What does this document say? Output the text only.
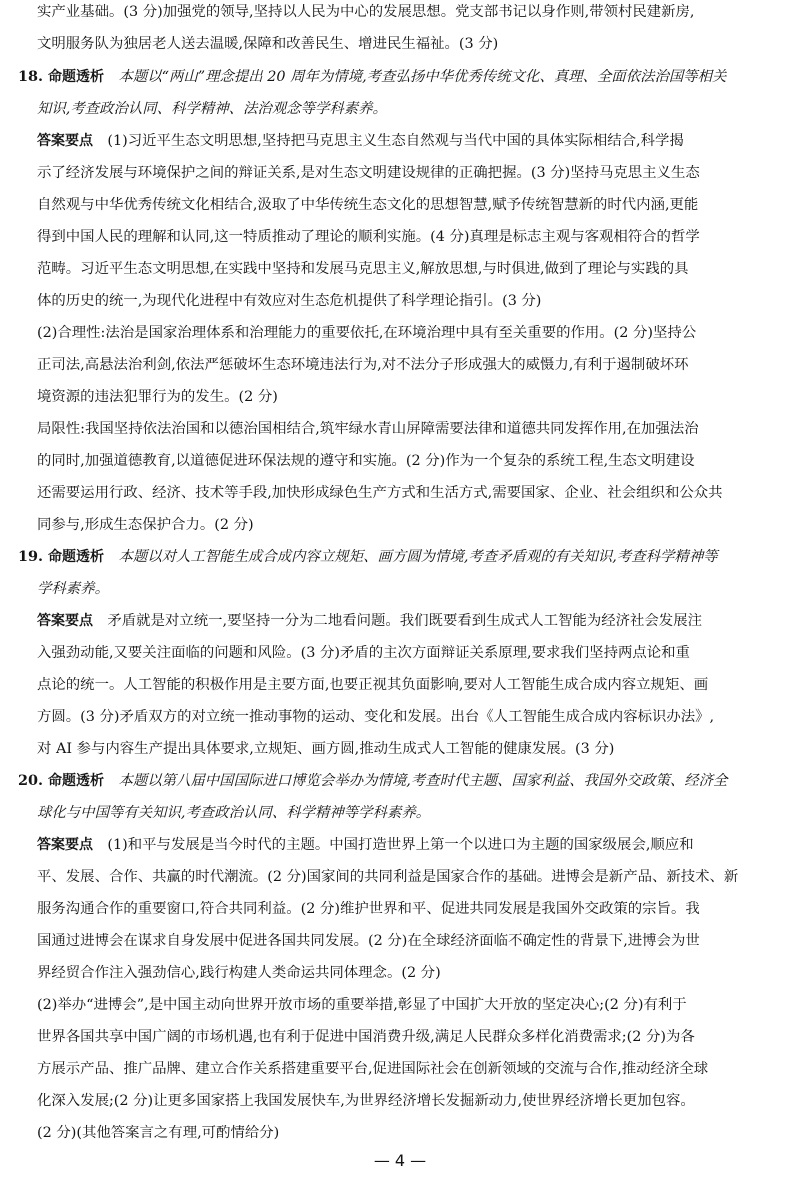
实产业基础。(3 分)加强党的领导,坚持以人民为中心的发展思想。党支部书记以身作则,带领村民建新房,
文明服务队为独居老人送去温暖,保障和改善民生、增进民生福祉。(3 分)
18. 命题透析　本题以“两山”理念提出 20 周年为情境,考查弘扬中华优秀传统文化、真理、全面依法治国等相关
知识,考查政治认同、科学精神、法治观念等学科素养。
答案要点　(1)习近平生态文明思想,坚持把马克思主义生态自然观与当代中国的具体实际相结合,科学揭
示了经济发展与环境保护之间的辩证关系,是对生态文明建设规律的正确把握。(3 分)坚持马克思主义生态
自然观与中华优秀传统文化相结合,汲取了中华传统生态文化的思想智慧,赋予传统智慧新的时代内涵,更能
得到中国人民的理解和认同,这一特质推动了理论的顺利实施。(4 分)真理是标志主观与客观相符合的哲学
范畴。习近平生态文明思想,在实践中坚持和发展马克思主义,解放思想,与时俱进,做到了理论与实践的具
体的历史的统一,为现代化进程中有效应对生态危机提供了科学理论指引。(3 分)
(2)合理性:法治是国家治理体系和治理能力的重要依托,在环境治理中具有至关重要的作用。(2 分)坚持公
正司法,高悬法治利剑,依法严惩破坏生态环境违法行为,对不法分子形成强大的威慑力,有利于遏制破坏环
境资源的违法犯罪行为的发生。(2 分)
局限性:我国坚持依法治国和以德治国相结合,筑牢绿水青山屏障需要法律和道德共同发挥作用,在加强法治
的同时,加强道德教育,以道德促进环保法规的遵守和实施。(2 分)作为一个复杂的系统工程,生态文明建设
还需要运用行政、经济、技术等手段,加快形成绿色生产方式和生活方式,需要国家、企业、社会组织和公众共
同参与,形成生态保护合力。(2 分)
19. 命题透析　本题以对人工智能生成合成内容立规矩、画方圆为情境,考查矛盾观的有关知识,考查科学精神等
学科素养。
答案要点　矛盾就是对立统一,要坚持一分为二地看问题。我们既要看到生成式人工智能为经济社会发展注
入强劲动能,又要关注面临的问题和风险。(3 分)矛盾的主次方面辩证关系原理,要求我们坚持两点论和重
点论的统一。人工智能的积极作用是主要方面,也要正视其负面影响,要对人工智能生成合成内容立规矩、画
方圆。(3 分)矛盾双方的对立统一推动事物的运动、变化和发展。出台《人工智能生成合成内容标识办法》,
对 AI 参与内容生产提出具体要求,立规矩、画方圆,推动生成式人工智能的健康发展。(3 分)
20. 命题透析　本题以第八届中国国际进口博览会举办为情境,考查时代主题、国家利益、我国外交政策、经济全
球化与中国等有关知识,考查政治认同、科学精神等学科素养。
答案要点　(1)和平与发展是当今时代的主题。中国打造世界上第一个以进口为主题的国家级展会,顺应和
平、发展、合作、共赢的时代潮流。(2 分)国家间的共同利益是国家合作的基础。进博会是新产品、新技术、新
服务沟通合作的重要窗口,符合共同利益。(2 分)维护世界和平、促进共同发展是我国外交政策的宗旨。我
国通过进博会在谋求自身发展中促进各国共同发展。(2 分)在全球经济面临不确定性的背景下,进博会为世
界经贸合作注入强劲信心,践行构建人类命运共同体理念。(2 分)
(2)举办“进博会”,是中国主动向世界开放市场的重要举措,彰显了中国扩大开放的坚定决心;(2 分)有利于
世界各国共享中国广阔的市场机遇,也有利于促进中国消费升级,满足人民群众多样化消费需求;(2 分)为各
方展示产品、推广品牌、建立合作关系搭建重要平台,促进国际社会在创新领域的交流与合作,推动经济全球
化深入发展;(2 分)让更多国家搭上我国发展快车,为世界经济增长发掘新动力,使世界经济增长更加包容。
(2 分)(其他答案言之有理,可酌情给分)
— 4 —
